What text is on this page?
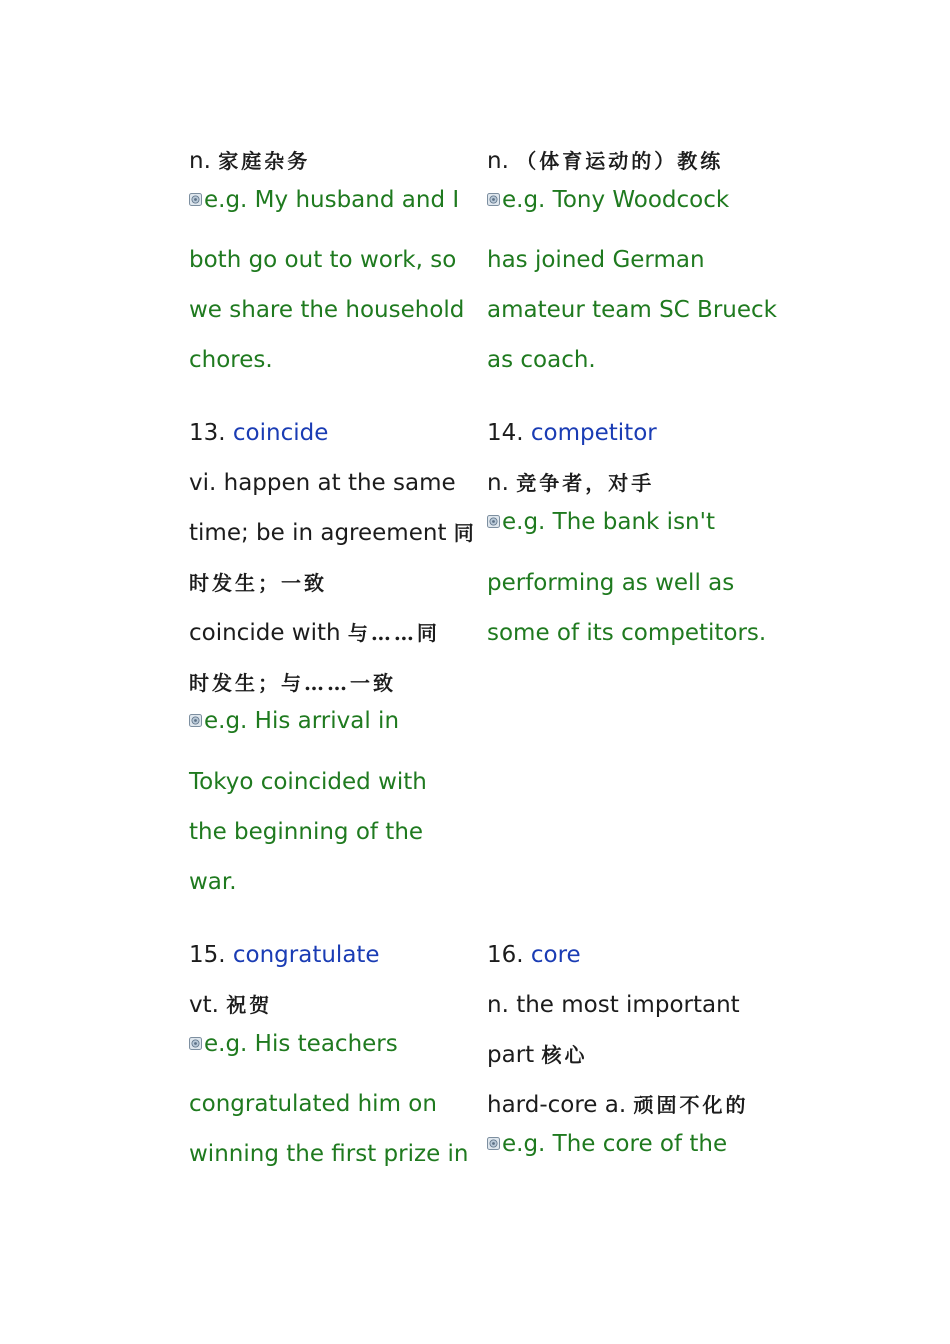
n. 家庭杂务
e.g. My husband and I
both go out to work, so
we share the household
chores.
13. coincide
vi. happen at the same
time; be in agreement 同
时发生；一致
coincide with 与……同
时发生；与……一致
e.g. His arrival in
Tokyo coincided with
the beginning of the
war.
15. congratulate
vt. 祝贺
e.g. His teachers
congratulated him on
winning the first prize in
n. （体育运动的）教练
e.g. Tony Woodcock
has joined German
amateur team SC Brueck
as coach.
14. competitor
n. 竞争者，对手
e.g. The bank isn't
performing as well as
some of its competitors.
16. core
n. the most important
part 核心
hard-core a. 顽固不化的
e.g. The core of the
